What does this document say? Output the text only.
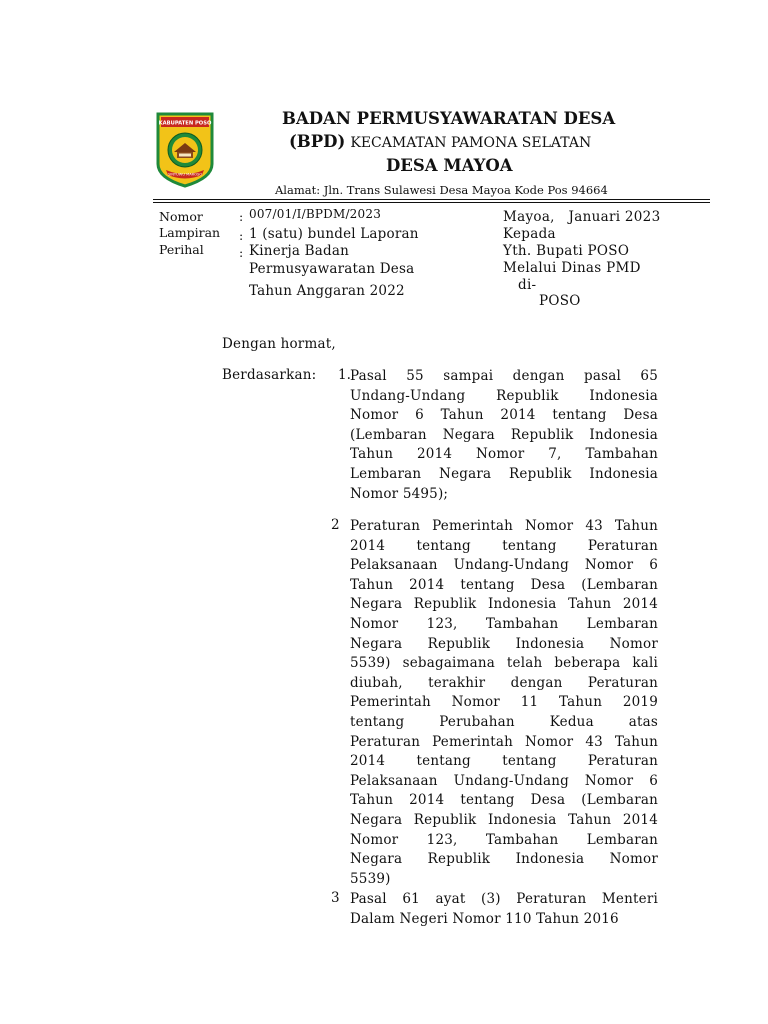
KABUPATEN POSO
SINTUWU MAROSO
BADAN PERMUSYAWARATAN DESA
(BPD) KECAMATAN PAMONA SELATAN
DESA MAYOA
Alamat: Jln. Trans Sulawesi Desa Mayoa Kode Pos 94664
Nomor
Lampiran
Perihal
:
:
:
007/01/I/BPDM/2023
1 (satu) bundel Laporan
Kinerja Badan
Permusyawaratan Desa
Tahun Anggaran 2022
Mayoa,   Januari 2023
Kepada
Yth. Bupati POSO
Melalui Dinas PMD
di-
POSO
Dengan hormat,
Berdasarkan: 1. Pasal 55 sampai dengan pasal 65
Undang-Undang Republik Indonesia
Nomor 6 Tahun 2014 tentang Desa
(Lembaran Negara Republik Indonesia
Tahun 2014 Nomor 7, Tambahan
Lembaran Negara Republik Indonesia
Nomor 5495);
2 Peraturan Pemerintah Nomor 43 Tahun
2014 tentang tentang Peraturan
Pelaksanaan Undang-Undang Nomor 6
Tahun 2014 tentang Desa (Lembaran
Negara Republik Indonesia Tahun 2014
Nomor 123, Tambahan Lembaran
Negara Republik Indonesia Nomor
5539) sebagaimana telah beberapa kali
diubah, terakhir dengan Peraturan
Pemerintah Nomor 11 Tahun 2019
tentang Perubahan Kedua atas
Peraturan Pemerintah Nomor 43 Tahun
2014 tentang tentang Peraturan
Pelaksanaan Undang-Undang Nomor 6
Tahun 2014 tentang Desa (Lembaran
Negara Republik Indonesia Tahun 2014
Nomor 123, Tambahan Lembaran
Negara Republik Indonesia Nomor
5539)
3 Pasal 61 ayat (3) Peraturan Menteri
Dalam Negeri Nomor 110 Tahun 2016
